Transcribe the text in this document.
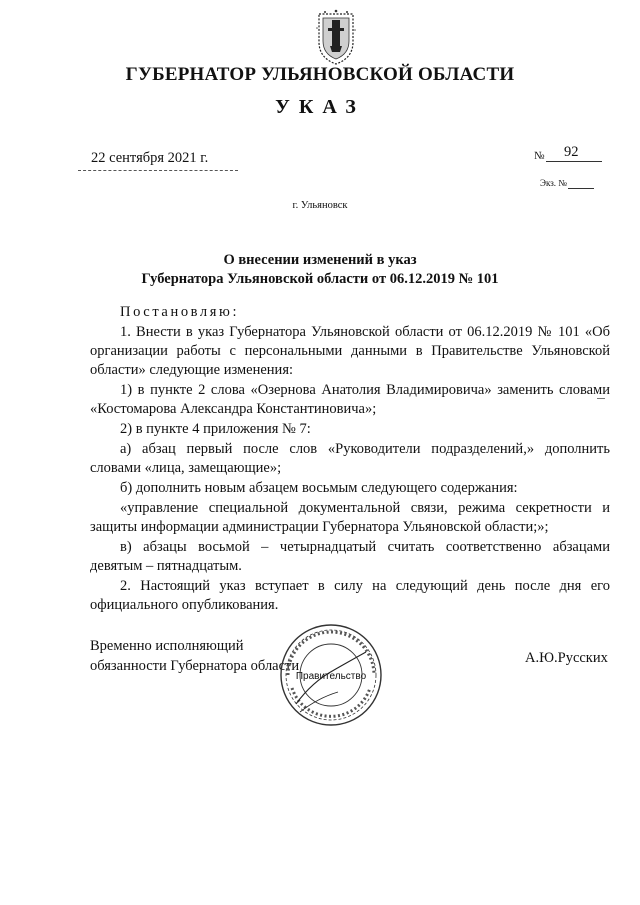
ГУБЕРНАТОР УЛЬЯНОВСКОЙ ОБЛАСТИ
УКАЗ
22 сентября 2021 г.	№ 92
Экз. №
г. Ульяновск
О внесении изменений в указ
Губернатора Ульяновской области от 06.12.2019 № 101

Постановляю:

1. Внести в указ Губернатора Ульяновской области от 06.12.2019 № 101 «Об организации работы с персональными данными в Правительстве Ульяновской области» следующие изменения:

1) в пункте 2 слова «Озернова Анатолия Владимировича» заменить словами «Костомарова Александра Константиновича»;

2) в пункте 4 приложения № 7:

а) абзац первый после слов «Руководители подразделений,» дополнить словами «лица, замещающие»;

б) дополнить новым абзацем восьмым следующего содержания:

«управление специальной документальной связи, режима секретности и защиты информации администрации Губернатора Ульяновской области;»;

в) абзацы восьмой – четырнадцатый считать соответственно абзацами девятым – пятнадцатым.

2. Настоящий указ вступает в силу на следующий день после дня его официального опубликования.

Временно исполняющий
обязанности Губернатора области
Правительство
А.Ю.Русских
